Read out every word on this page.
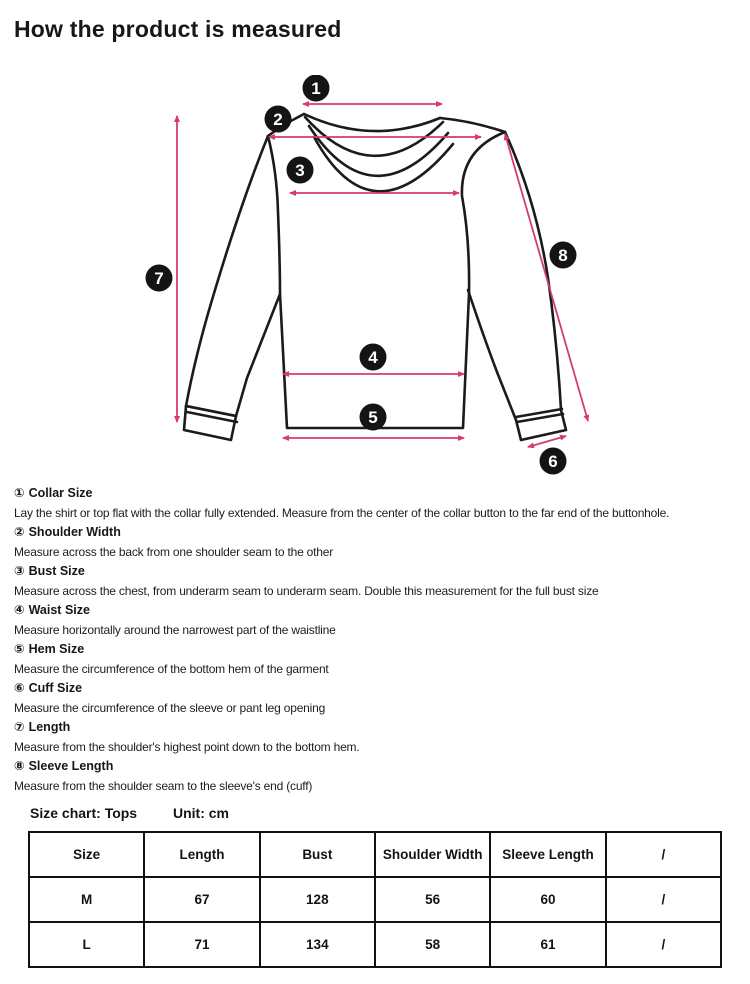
How the product is measured
1
2
3
4
5
6
7
8
① Collar Size
Lay the shirt or top flat with the collar fully extended. Measure from the center of the collar button to the far end of the buttonhole.
② Shoulder Width
Measure across the back from one shoulder seam to the other
③ Bust Size
Measure across the chest, from underarm seam to underarm seam. Double this measurement for the full bust size
④ Waist Size
Measure horizontally around the narrowest part of the waistline
⑤ Hem Size
Measure the circumference of the bottom hem of the garment
⑥ Cuff Size
Measure the circumference of the sleeve or pant leg opening
⑦ Length
Measure from the shoulder's highest point down to the bottom hem.
⑧ Sleeve Length
Measure from the shoulder seam to the sleeve's end (cuff)
Size chart: Tops	Unit: cm
Size	Length	Bust	Shoulder Width	Sleeve Length	/
M	67	128	56	60	/
L	71	134	58	61	/
